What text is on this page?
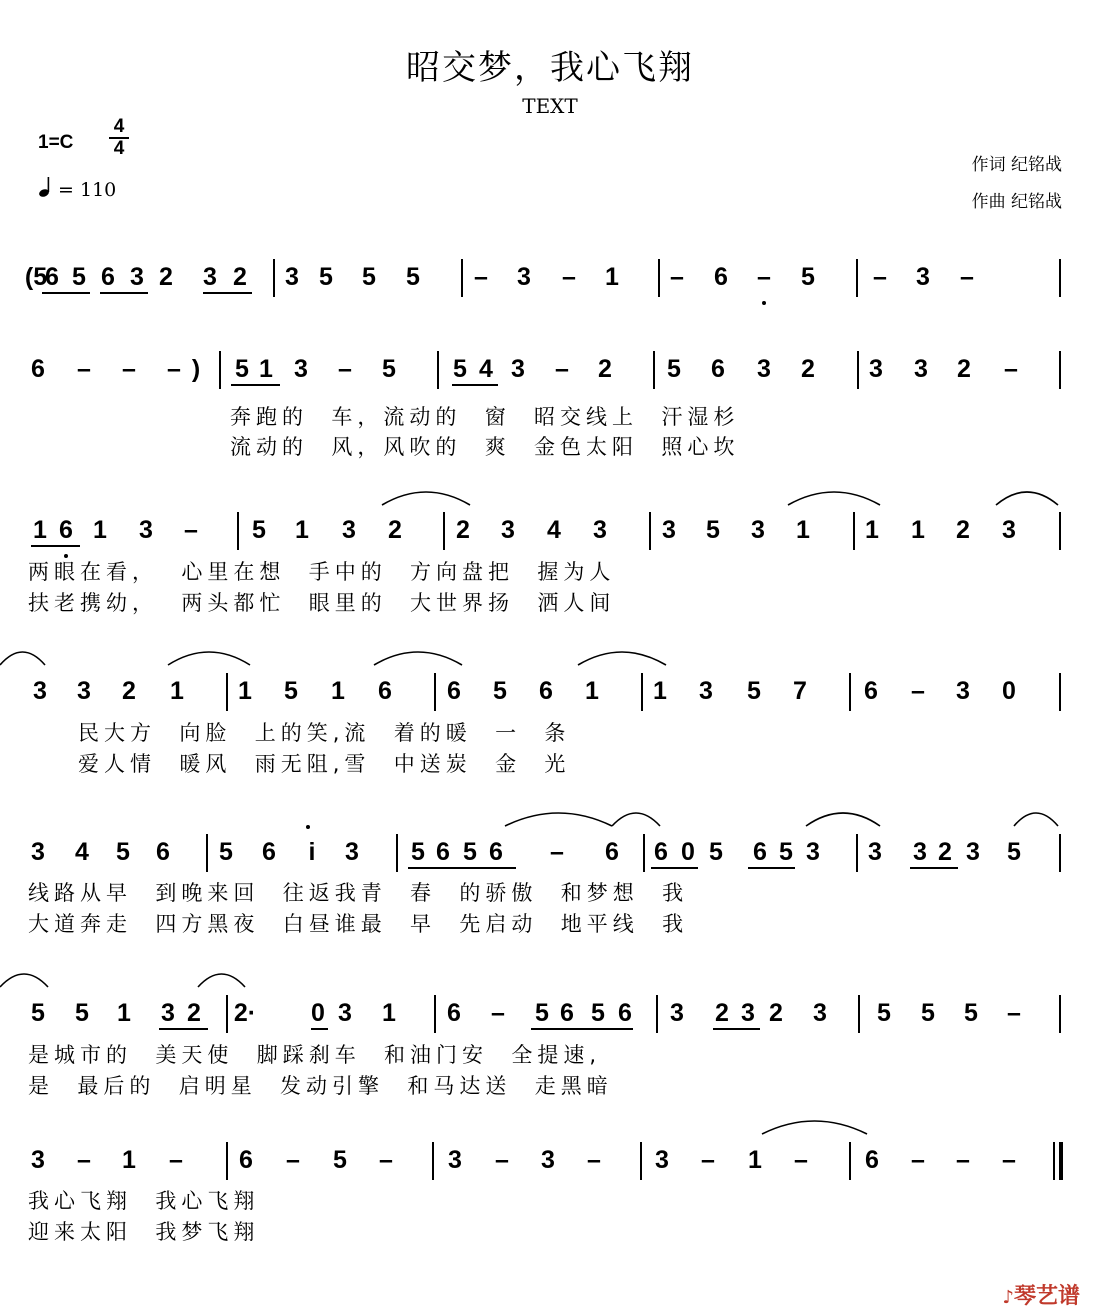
昭交梦，我心飞翔
TEXT
1=C
4
4
= 110
作词 纪铭战
作曲 纪铭战
(5
6 5 6 3 2 3 2 3 5 5 5 – 3 – 1 – 6 – 5 – 3 –
6 – – – )	5 1 3 – 5 5 4 3 – 2 5 6 3 2 3 3 2 –
奔跑的  车，流动的  窗  昭交线上  汗湿杉
流动的  风，风吹的  爽  金色太阳  照心坎
1 6 1 3 – 5 1 3 2 2 3 4 3 3 5 3 1 1 1 2 3
两眼在看，  心里在想  手中的  方向盘把  握为人
扶老携幼，  两头都忙  眼里的  大世界扬  洒人间
3 3 2 1 1 5 1 6 6 5 6 1 1 3 5 7 6 – 3 0
民大方  向脸  上的笑,流  着的暖  一  条
爱人情  暖风  雨无阻,雪  中送炭  金  光
3 4 5 6 5 6	i	3 5 6 5 6 – 6 6 0 5 6 5 3 3 3 2 3 5
线路从早  到晚来回  往返我青  春  的骄傲  和梦想  我
大道奔走  四方黑夜  白昼谁最  早  先启动  地平线  我
5 5 1 3 2 2· 0 3 1 6 – 5 6 5 6 3 2 3 2 3 5 5 5 –
是城市的  美天使  脚踩刹车  和油门安  全提速,
是  最后的  启明星  发动引擎  和马达送  走黑暗
3 – 1 – 6 – 5 – 3 – 3 – 3 – 1 – 6 – – –
我心飞翔  我心飞翔
迎来太阳  我梦飞翔
♪琴艺谱
